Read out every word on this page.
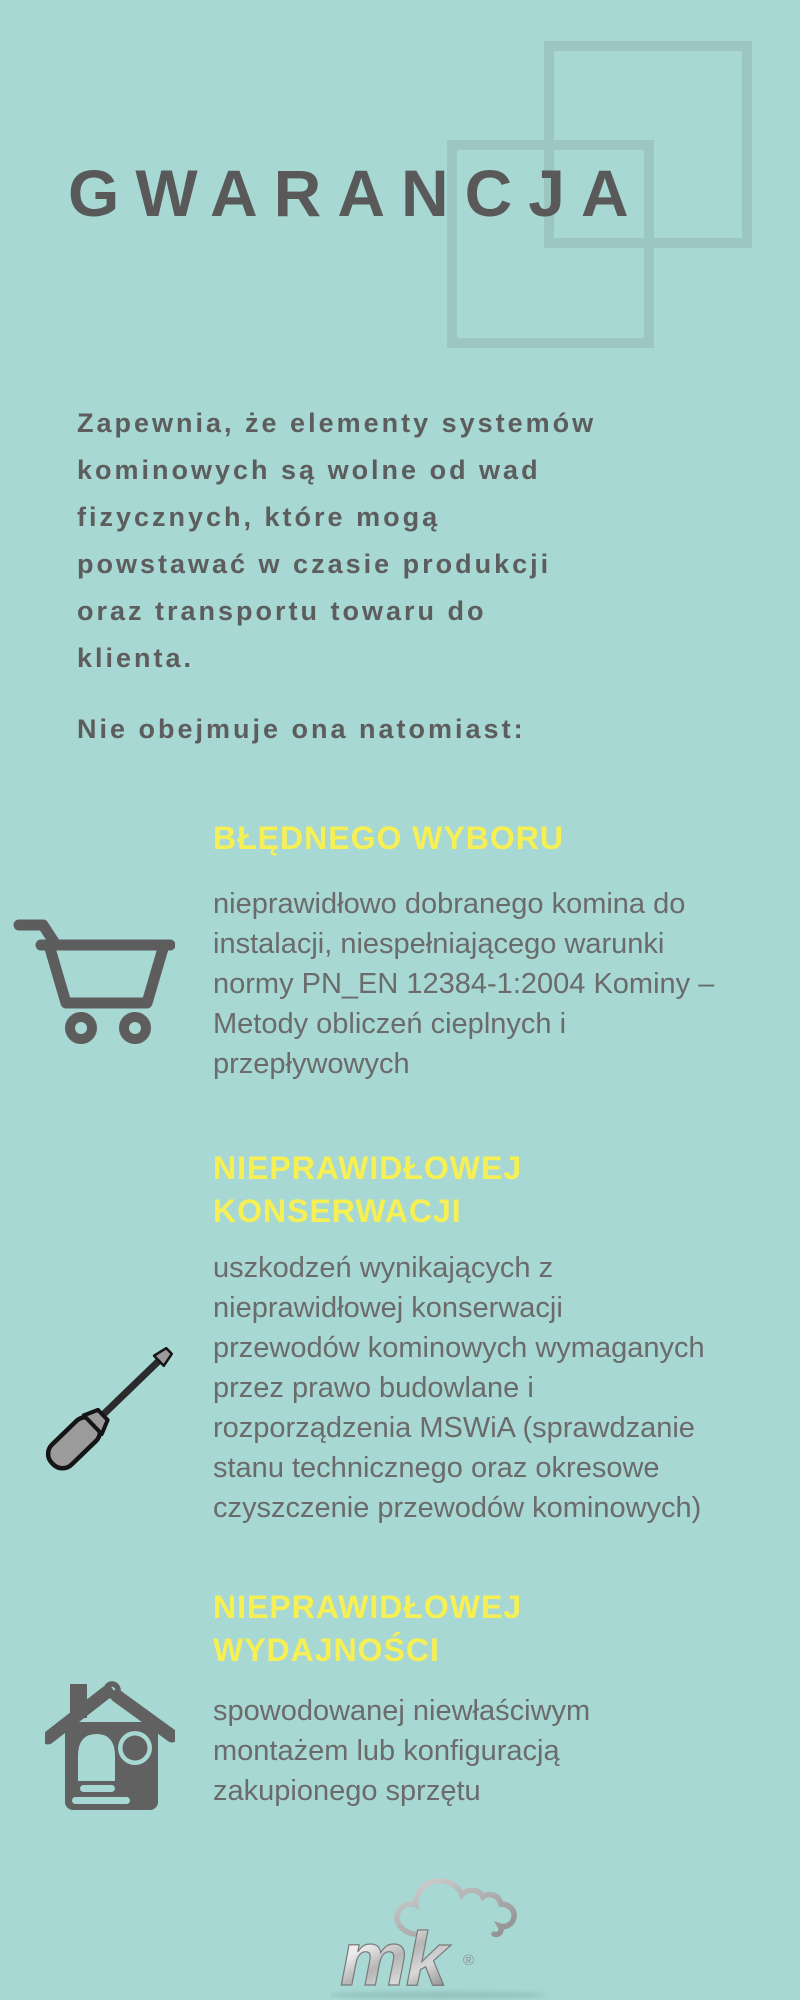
GWARANCJA
Zapewnia, że elementy systemów
kominowych są wolne od wad
fizycznych, które mogą
powstawać w czasie produkcji
oraz transportu towaru do
klienta.
Nie obejmuje ona natomiast:
BŁĘDNEGO WYBORU
nieprawidłowo dobranego komina do
instalacji, niespełniającego warunki
normy PN_EN 12384-1:2004 Kominy –
Metody obliczeń cieplnych i
przepływowych
NIEPRAWIDŁOWEJ
KONSERWACJI
uszkodzeń wynikających z
nieprawidłowej konserwacji
przewodów kominowych wymaganych
przez prawo budowlane i
rozporządzenia MSWiA (sprawdzanie
stanu technicznego oraz okresowe
czyszczenie przewodów kominowych)
NIEPRAWIDŁOWEJ
WYDAJNOŚCI
spowodowanej niewłaściwym
montażem lub konfiguracją
zakupionego sprzętu
mk	®
